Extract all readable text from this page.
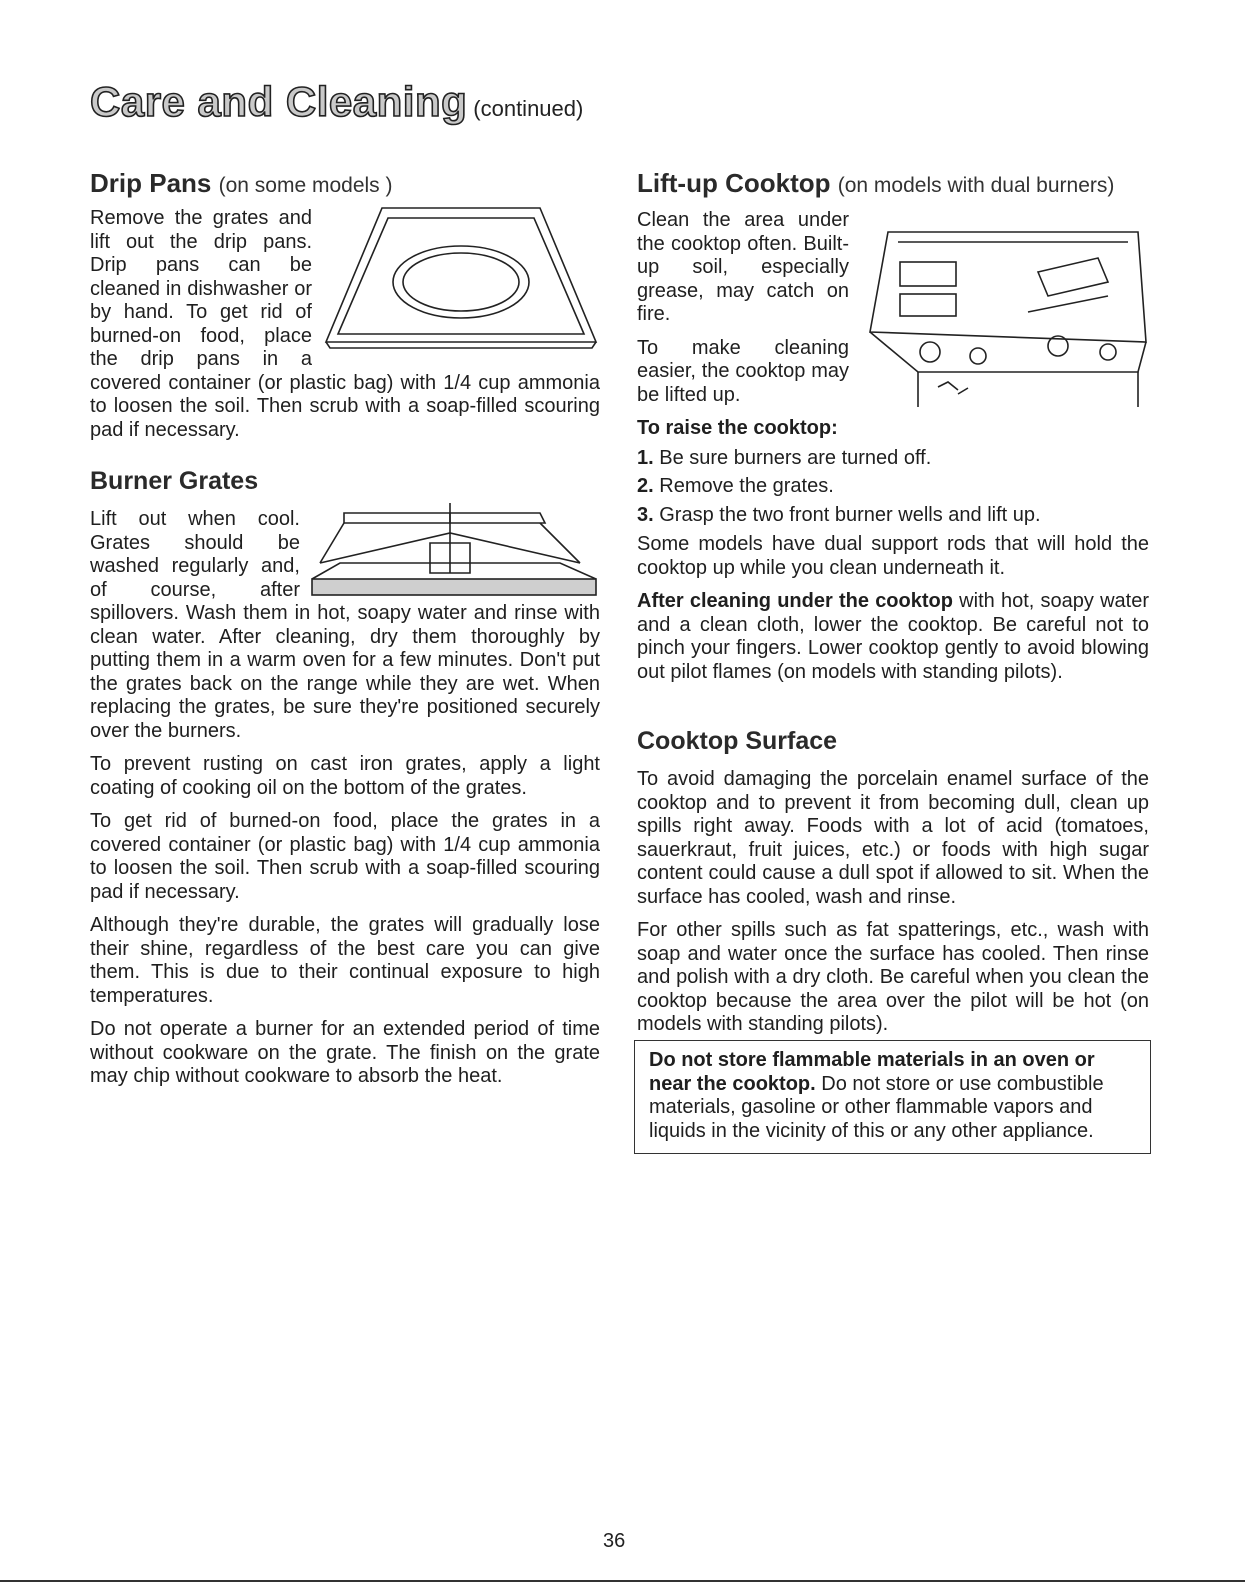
Care and Cleaning (continued)
Drip Pans (on some models )

Remove the grates and lift out the drip pans. Drip pans can be cleaned in dishwasher or by hand. To get rid of burned-on food, place the drip pans in a covered container (or plastic bag) with 1/4 cup ammonia to loosen the soil. Then scrub with a soap-filled scouring pad if necessary.

Burner Grates

Lift out when cool. Grates should be washed regularly and, of course, after spillovers. Wash them in hot, soapy water and rinse with clean water. After cleaning, dry them thoroughly by putting them in a warm oven for a few minutes. Don't put the grates back on the range while they are wet. When replacing the grates, be sure they're positioned securely over the burners.

To prevent rusting on cast iron grates, apply a light coating of cooking oil on the bottom of the grates.

To get rid of burned-on food, place the grates in a covered container (or plastic bag) with 1/4 cup ammonia to loosen the soil. Then scrub with a soap-filled scouring pad if necessary.

Although they're durable, the grates will gradually lose their shine, regardless of the best care you can give them. This is due to their continual exposure to high temperatures.

Do not operate a burner for an extended period of time without cookware on the grate. The finish on the grate may chip without cookware to absorb the heat.

Lift-up Cooktop (on models with dual burners)

Clean the area under the cooktop often. Built-up soil, especially grease, may catch on fire.

To make cleaning easier, the cooktop may be lifted up.

To raise the cooktop:

1. Be sure burners are turned off.
2. Remove the grates.
3. Grasp the two front burner wells and lift up.

Some models have dual support rods that will hold the cooktop up while you clean underneath it.

After cleaning under the cooktop with hot, soapy water and a clean cloth, lower the cooktop. Be careful not to pinch your fingers. Lower cooktop gently to avoid blowing out pilot flames (on models with standing pilots).

Cooktop Surface

To avoid damaging the porcelain enamel surface of the cooktop and to prevent it from becoming dull, clean up spills right away. Foods with a lot of acid (tomatoes, sauerkraut, fruit juices, etc.) or foods with high sugar content could cause a dull spot if allowed to sit. When the surface has cooled, wash and rinse.

For other spills such as fat spatterings, etc., wash with soap and water once the surface has cooled. Then rinse and polish with a dry cloth. Be careful when you clean the cooktop because the area over the pilot will be hot (on models with standing pilots).

Do not store flammable materials in an oven or near the cooktop. Do not store or use combustible materials, gasoline or other flammable vapors and liquids in the vicinity of this or any other appliance.
36
